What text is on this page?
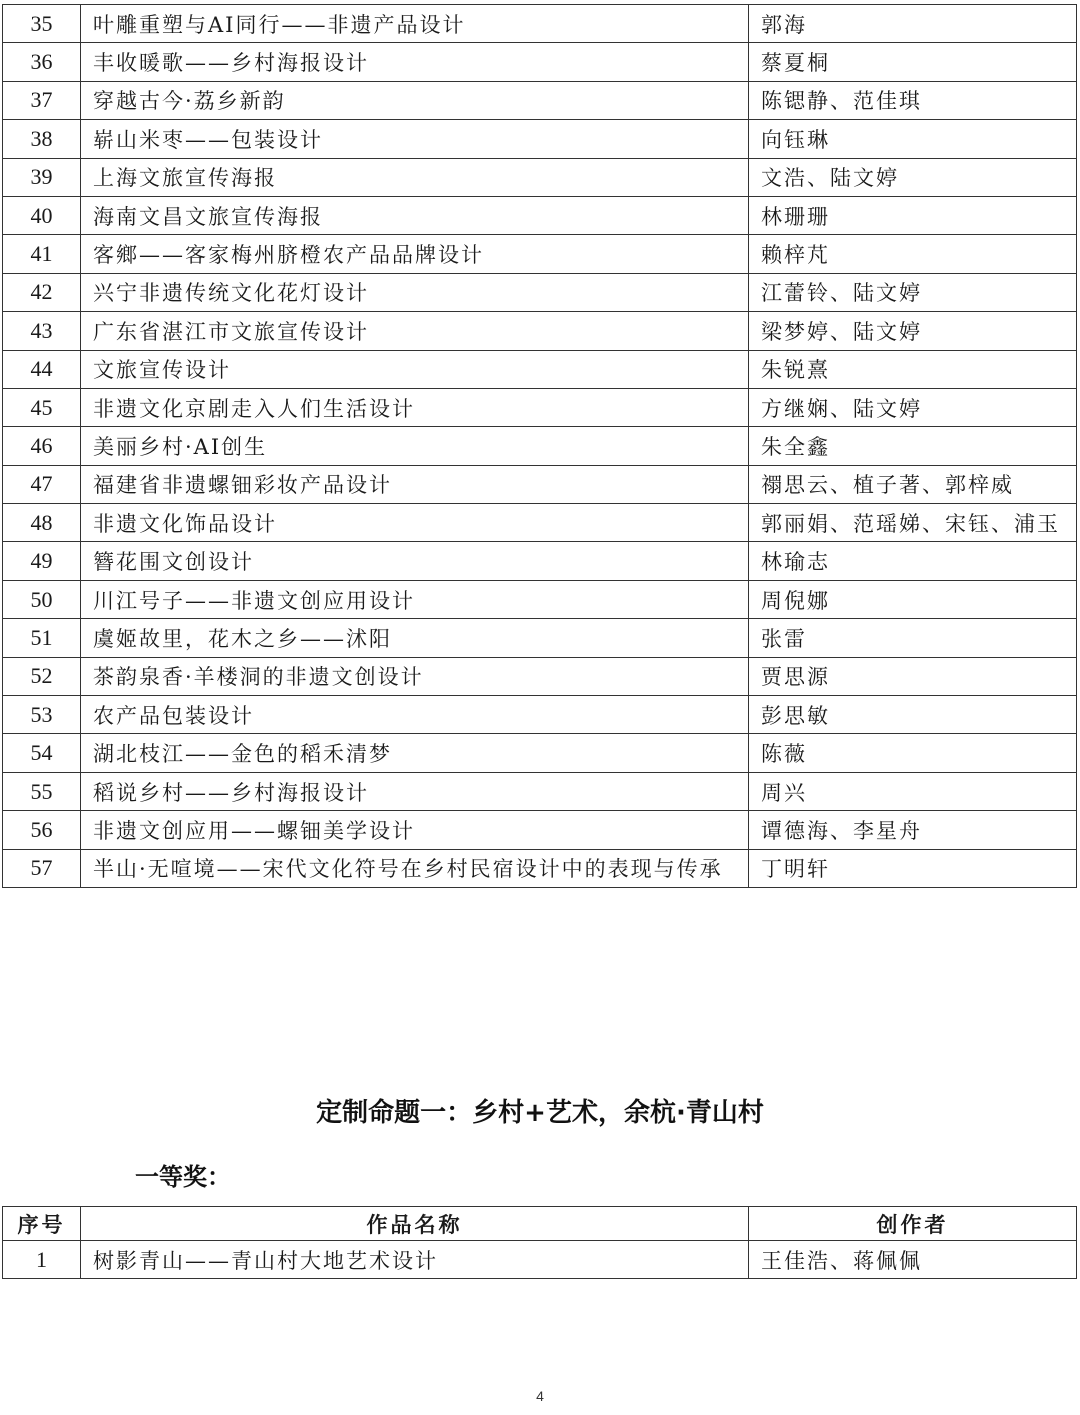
35	叶雕重塑与AI同行——非遗产品设计	郭海
36	丰收暖歌——乡村海报设计	蔡夏桐
37	穿越古今·荔乡新韵	陈锶静、范佳琪
38	崭山米枣——包装设计	向钰琳
39	上海文旅宣传海报	文浩、陆文婷
40	海南文昌文旅宣传海报	林珊珊
41	客鄉——客家梅州脐橙农产品品牌设计	赖梓芃
42	兴宁非遗传统文化花灯设计	江蕾铃、陆文婷
43	广东省湛江市文旅宣传设计	梁梦婷、陆文婷
44	文旅宣传设计	朱锐熹
45	非遗文化京剧走入人们生活设计	方继娴、陆文婷
46	美丽乡村·AI创生	朱全鑫
47	福建省非遗螺钿彩妆产品设计	禤思云、植子著、郭梓威
48	非遗文化饰品设计	郭丽娟、范瑶娣、宋钰、浦玉
49	簪花围文创设计	林瑜志
50	川江号子——非遗文创应用设计	周倪娜
51	虞姬故里，花木之乡——沭阳	张雷
52	茶韵泉香·羊楼洞的非遗文创设计	贾思源
53	农产品包装设计	彭思敏
54	湖北枝江——金色的稻禾清梦	陈薇
55	稻说乡村——乡村海报设计	周兴
56	非遗文创应用——螺钿美学设计	谭德海、李星舟
57	半山·无喧境——宋代文化符号在乡村民宿设计中的表现与传承	丁明轩
定制命题一：乡村+艺术，余杭·青山村
一等奖：
序号	作品名称	创作者
1	树影青山——青山村大地艺术设计	王佳浩、蒋佩佩
4
